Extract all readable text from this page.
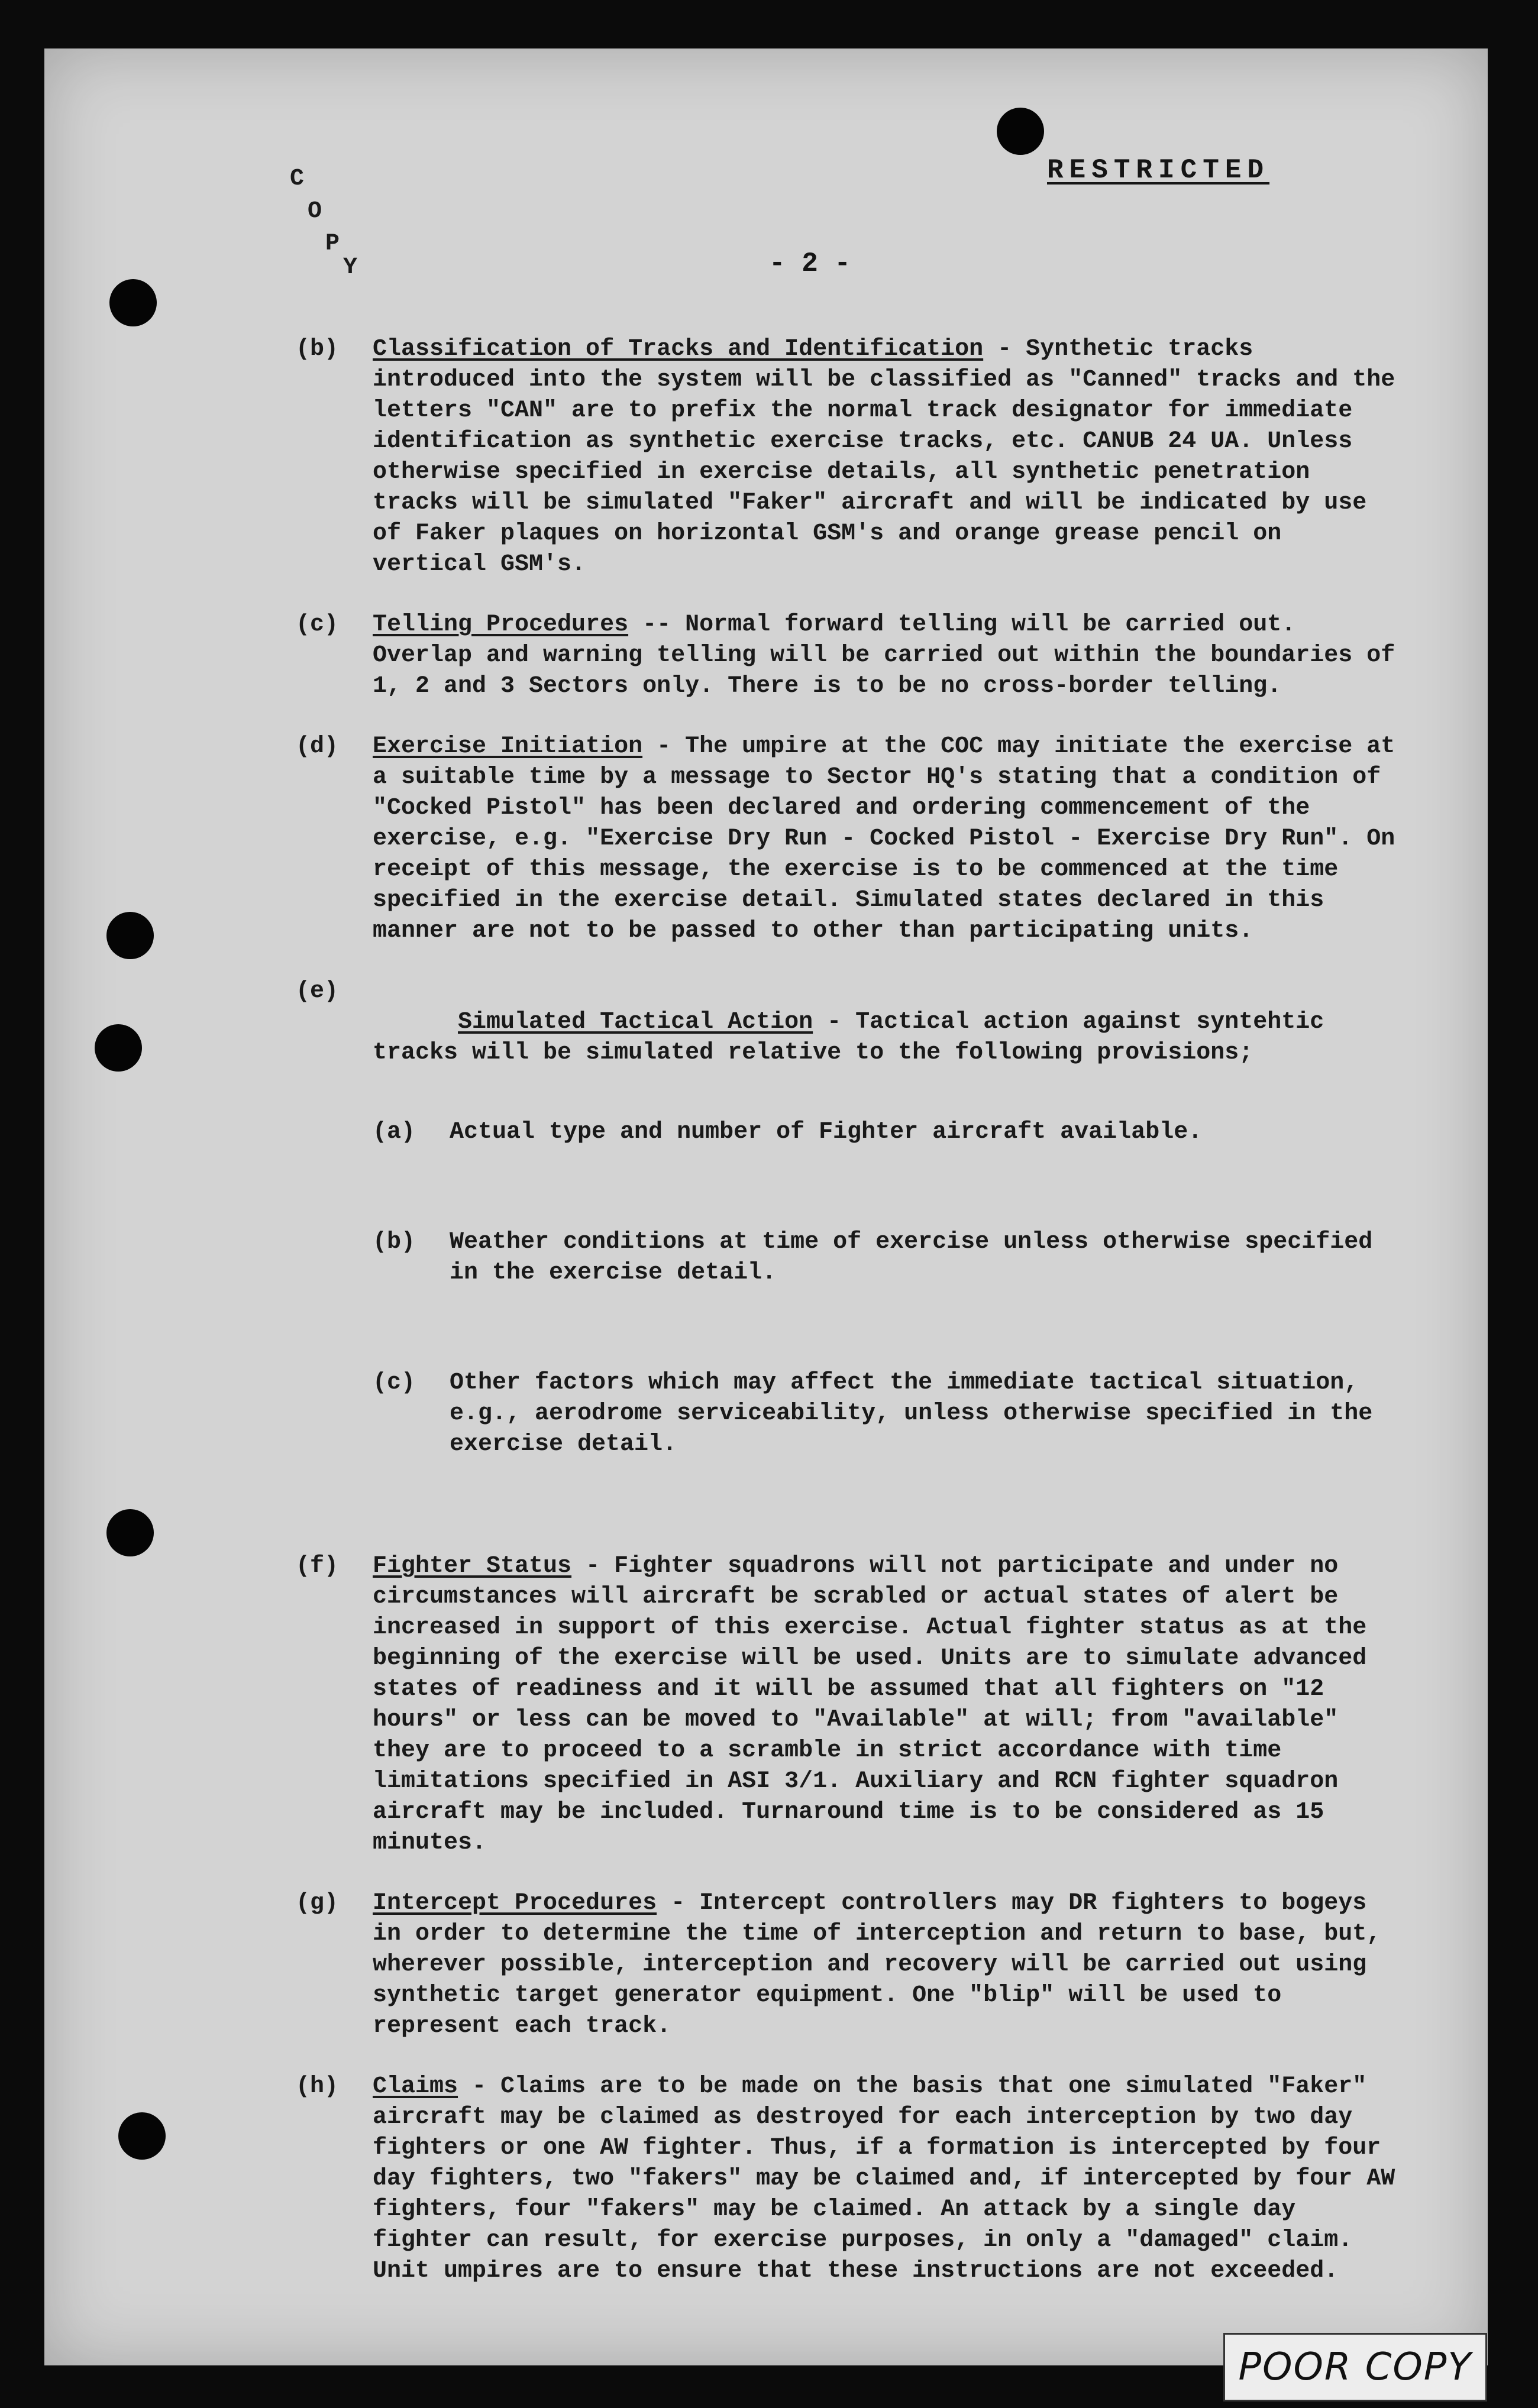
C
O
P
Y
RESTRICTED
- 2 -
(b)	Classification of Tracks and Identification - Synthetic tracks introduced into the system will be classified as "Canned" tracks and the letters "CAN" are to prefix the normal track designator for immediate identification as synthetic exercise tracks, etc. CANUB 24 UA. Unless otherwise specified in exercise details, all synthetic penetration tracks will be simulated "Faker" aircraft and will be indicated by use of Faker plaques on horizontal GSM's and orange grease pencil on vertical GSM's.
(c)	Telling Procedures -- Normal forward telling will be carried out. Overlap and warning telling will be carried out within the boundaries of 1, 2 and 3 Sectors only. There is to be no cross-border telling.
(d)	Exercise Initiation - The umpire at the COC may initiate the exercise at a suitable time by a message to Sector HQ's stating that a condition of "Cocked Pistol" has been declared and ordering commencement of the exercise, e.g. "Exercise Dry Run - Cocked Pistol - Exercise Dry Run". On receipt of this message, the exercise is to be commenced at the time specified in the exercise detail. Simulated states declared in this manner are not to be passed to other than participating units.
(e)

Simulated Tactical Action - Tactical action against syntehtic tracks will be simulated relative to the following provisions;

(a)	Actual type and number of Fighter aircraft available.

(b)	Weather conditions at time of exercise unless otherwise specified in the exercise detail.

(c)	Other factors which may affect the immediate tactical situation, e.g., aerodrome serviceability, unless otherwise specified in the exercise detail.

(f)	Fighter Status - Fighter squadrons will not participate and under no circumstances will aircraft be scrabled or actual states of alert be increased in support of this exercise. Actual fighter status as at the beginning of the exercise will be used. Units are to simulate advanced states of readiness and it will be assumed that all fighters on "12 hours" or less can be moved to "Available" at will; from "available" they are to proceed to a scramble in strict accordance with time limitations specified in ASI 3/1. Auxiliary and RCN fighter squadron aircraft may be included. Turnaround time is to be considered as 15 minutes.
(g)	Intercept Procedures - Intercept controllers may DR fighters to bogeys in order to determine the time of interception and return to base, but, wherever possible, interception and recovery will be carried out using synthetic target generator equipment. One "blip" will be used to represent each track.
(h)	Claims - Claims are to be made on the basis that one simulated "Faker" aircraft may be claimed as destroyed for each interception by two day fighters or one AW fighter. Thus, if a formation is intercepted by four day fighters, two "fakers" may be claimed and, if intercepted by four AW fighters, four "fakers" may be claimed. An attack by a single day fighter can result, for exercise purposes, in only a "damaged" claim. Unit umpires are to ensure that these instructions are not exceeded.
POOR COPY
